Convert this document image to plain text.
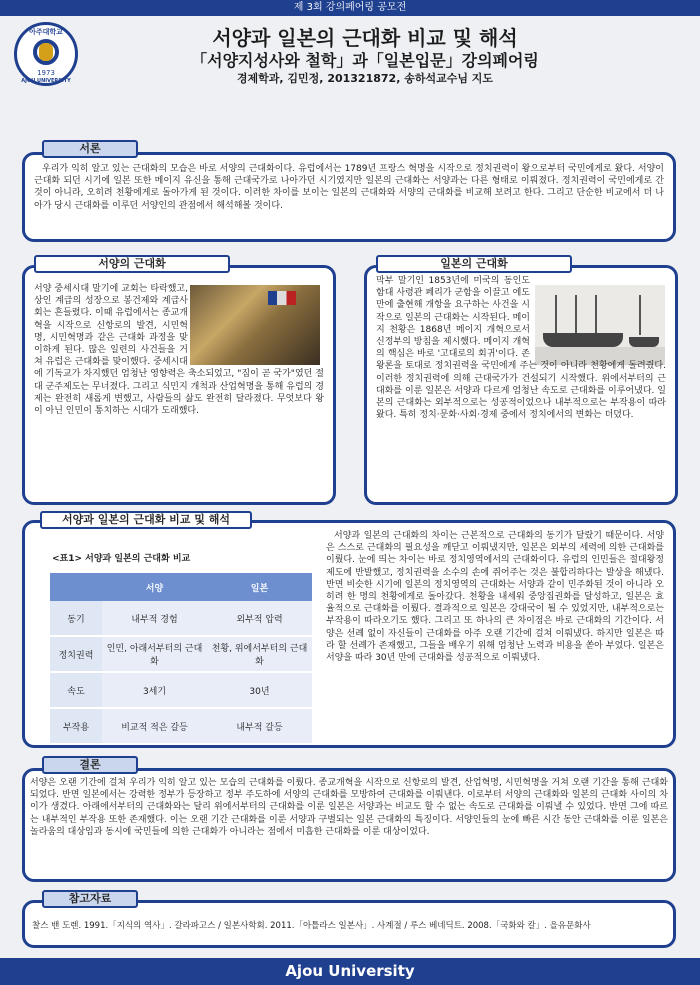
제 3회 강의페어링 공모전
아주대학교
1973
AJOU UNIVERSITY
서양과 일본의 근대화 비교 및 해석
「서양지성사와 철학」과「일본입문」강의페어링
경제학과, 김민정, 201321872, 송하석교수님 지도
서론
우리가 익히 알고 있는 근대화의 모습은 바로 서양의 근대화이다. 유럽에서는 1789년 프랑스 혁명을 시작으로 정치권력이 왕으로부터 국민에게로 왔다. 서양이 근대화 되던 시기에 일본 또한 메이지 유신을 통해 근대국가로 나아가던 시기였지만 일본의 근대화는 서양과는 다른 형태로 이뤄졌다. 정치권력이 국민에게로 간 것이 아니라, 오히려 천황에게로 돌아가게 된 것이다. 이러한 차이를 보이는 일본의 근대화와 서양의 근대화를 비교해 보려고 한다. 그리고 단순한 비교에서 더 나아가 당시 근대화를 이루던 서양인의 관점에서 해석해볼 것이다.
서양의 근대화
서양 중세시대 말기에 교회는 타락했고, 상인 계급의 성장으로 봉건제와 계급사회는 흔들렸다. 이때 유럽에서는 종교개혁을 시작으로 신항로의 발견, 시민혁명, 시민혁명과 같은 근대화 과정을 맞이하게 된다. 많은 일련의 사건들을 거쳐 유럽은 근대화를 맞이했다. 중세시대에 기독교가 차지했던 엄청난 영향력은 축소되었고, "짐이 곧 국가"였던 절대 군주제도는 무너졌다. 그리고 식민지 개척과 산업혁명을 통해 유럽의 경제는 완전히 새롭게 변했고, 사람들의 삶도 완전히 달라졌다. 무엇보다 왕이 아닌 인민이 통치하는 시대가 도래했다.
일본의 근대화
막부 말기인 1853년에 미국의 동인도 함대 사령관 페리가 군함을 이끌고 에도만에 출현해 개항을 요구하는 사건을 시작으로 일본의 근대화는 시작된다. 메이지 천황은 1868년 메이지 개혁으로서 신정부의 방침을 제시했다. 메이지 개혁의 핵심은 바로 '고대로의 회귀'이다. 존왕론을 토대로 정치권력을 국민에게 주는 것이 아니라 천황에게 돌려줬다. 이러한 정치권력에 의해 근대국가가 건설되기 시작했다. 위에서부터의 근대화를 이룬 일본은 서양과 다르게 엄청난 속도로 근대화를 이루어냈다. 일본의 근대화는 외부적으로는 성공적이었으나 내부적으로는 부작용이 따라왔다. 특히 정치·문화·사회·경제 중에서 정치에서의 변화는 더뎠다.
서양과 일본의 근대화 비교 및 해석
<표1> 서양과 일본의 근대화 비교
	서양	일본
동기	내부적 경험	외부적 압력
정치권력	인민, 아래서부터의 근대화	천황, 위에서부터의 근대화
속도	3세기	30년
부작용	비교적 적은 갈등	내부적 갈등
서양과 일본의 근대화의 차이는 근본적으로 근대화의 동기가 달랐기 때문이다. 서양은 스스로 근대화의 필요성을 깨닫고 이뤄냈지만, 일본은 외부의 세력에 의한 근대화를 이뤘다. 눈에 띄는 차이는 바로 정치영역에서의 근대화이다. 유럽의 인민들은 절대왕정 제도에 반발했고, 정치권력을 소수의 손에 쥐어주는 것은 불합리하다는 발상을 해냈다. 반면 비슷한 시기에 일본의 정치영역의 근대화는 서양과 같이 민주화된 것이 아니라 오히려 한 명의 천황에게로 돌아갔다. 천황을 내세워 중앙집권화를 달성하고, 일본은 효율적으로 근대화를 이뤘다. 결과적으로 일본은 강대국이 될 수 있었지만, 내부적으로는 부작용이 따라오기도 했다. 그리고 또 하나의 큰 차이점은 바로 근대화의 기간이다. 서양은 선례 없이 자신들이 근대화를 아주 오랜 기간에 걸쳐 이뤄냈다. 하지만 일본은 따라 할 선례가 존재했고, 그들을 배우기 위해 엄청난 노력과 비용을 쏟아 부었다. 일본은 서양을 따라 30년 만에 근대화를 성공적으로 이뤄냈다.
결론
서양은 오랜 기간에 걸쳐 우리가 익히 알고 있는 모습의 근대화를 이뤘다. 종교개혁을 시작으로 신항로의 발견, 산업혁명, 시민혁명을 거쳐 오랜 기간을 통해 근대화 되었다. 반면 일본에서는 강력한 정부가 등장하고 정부 주도하에 서양의 근대화를 모방하여 근대화를 이뤄낸다. 이로부터 서양의 근대화와 일본의 근대화 사이의 차이가 생겼다. 아래에서부터의 근대화와는 달리 위에서부터의 근대화를 이룬 일본은 서양과는 비교도 할 수 없는 속도로 근대화를 이뤄낼 수 있었다. 반면 그에 따르는 내부적인 부작용 또한 존재했다. 이는 오랜 기간 근대화를 이룬 서양과 구별되는 일본 근대화의 특징이다. 서양인들의 눈에 빠른 시간 동안 근대화를 이룬 일본은 놀라움의 대상임과 동시에 국민들에 의한 근대화가 아니라는 점에서 미흡한 근대화를 이룬 대상이었다.
참고자료
찰스 밴 도렌. 1991.「지식의 역사」. 갈라파고스 / 일본사학회. 2011.「아틀라스 일본사」. 사계절 / 루스 베네딕트. 2008.「국화와 칼」. 을유문화사
Ajou University
